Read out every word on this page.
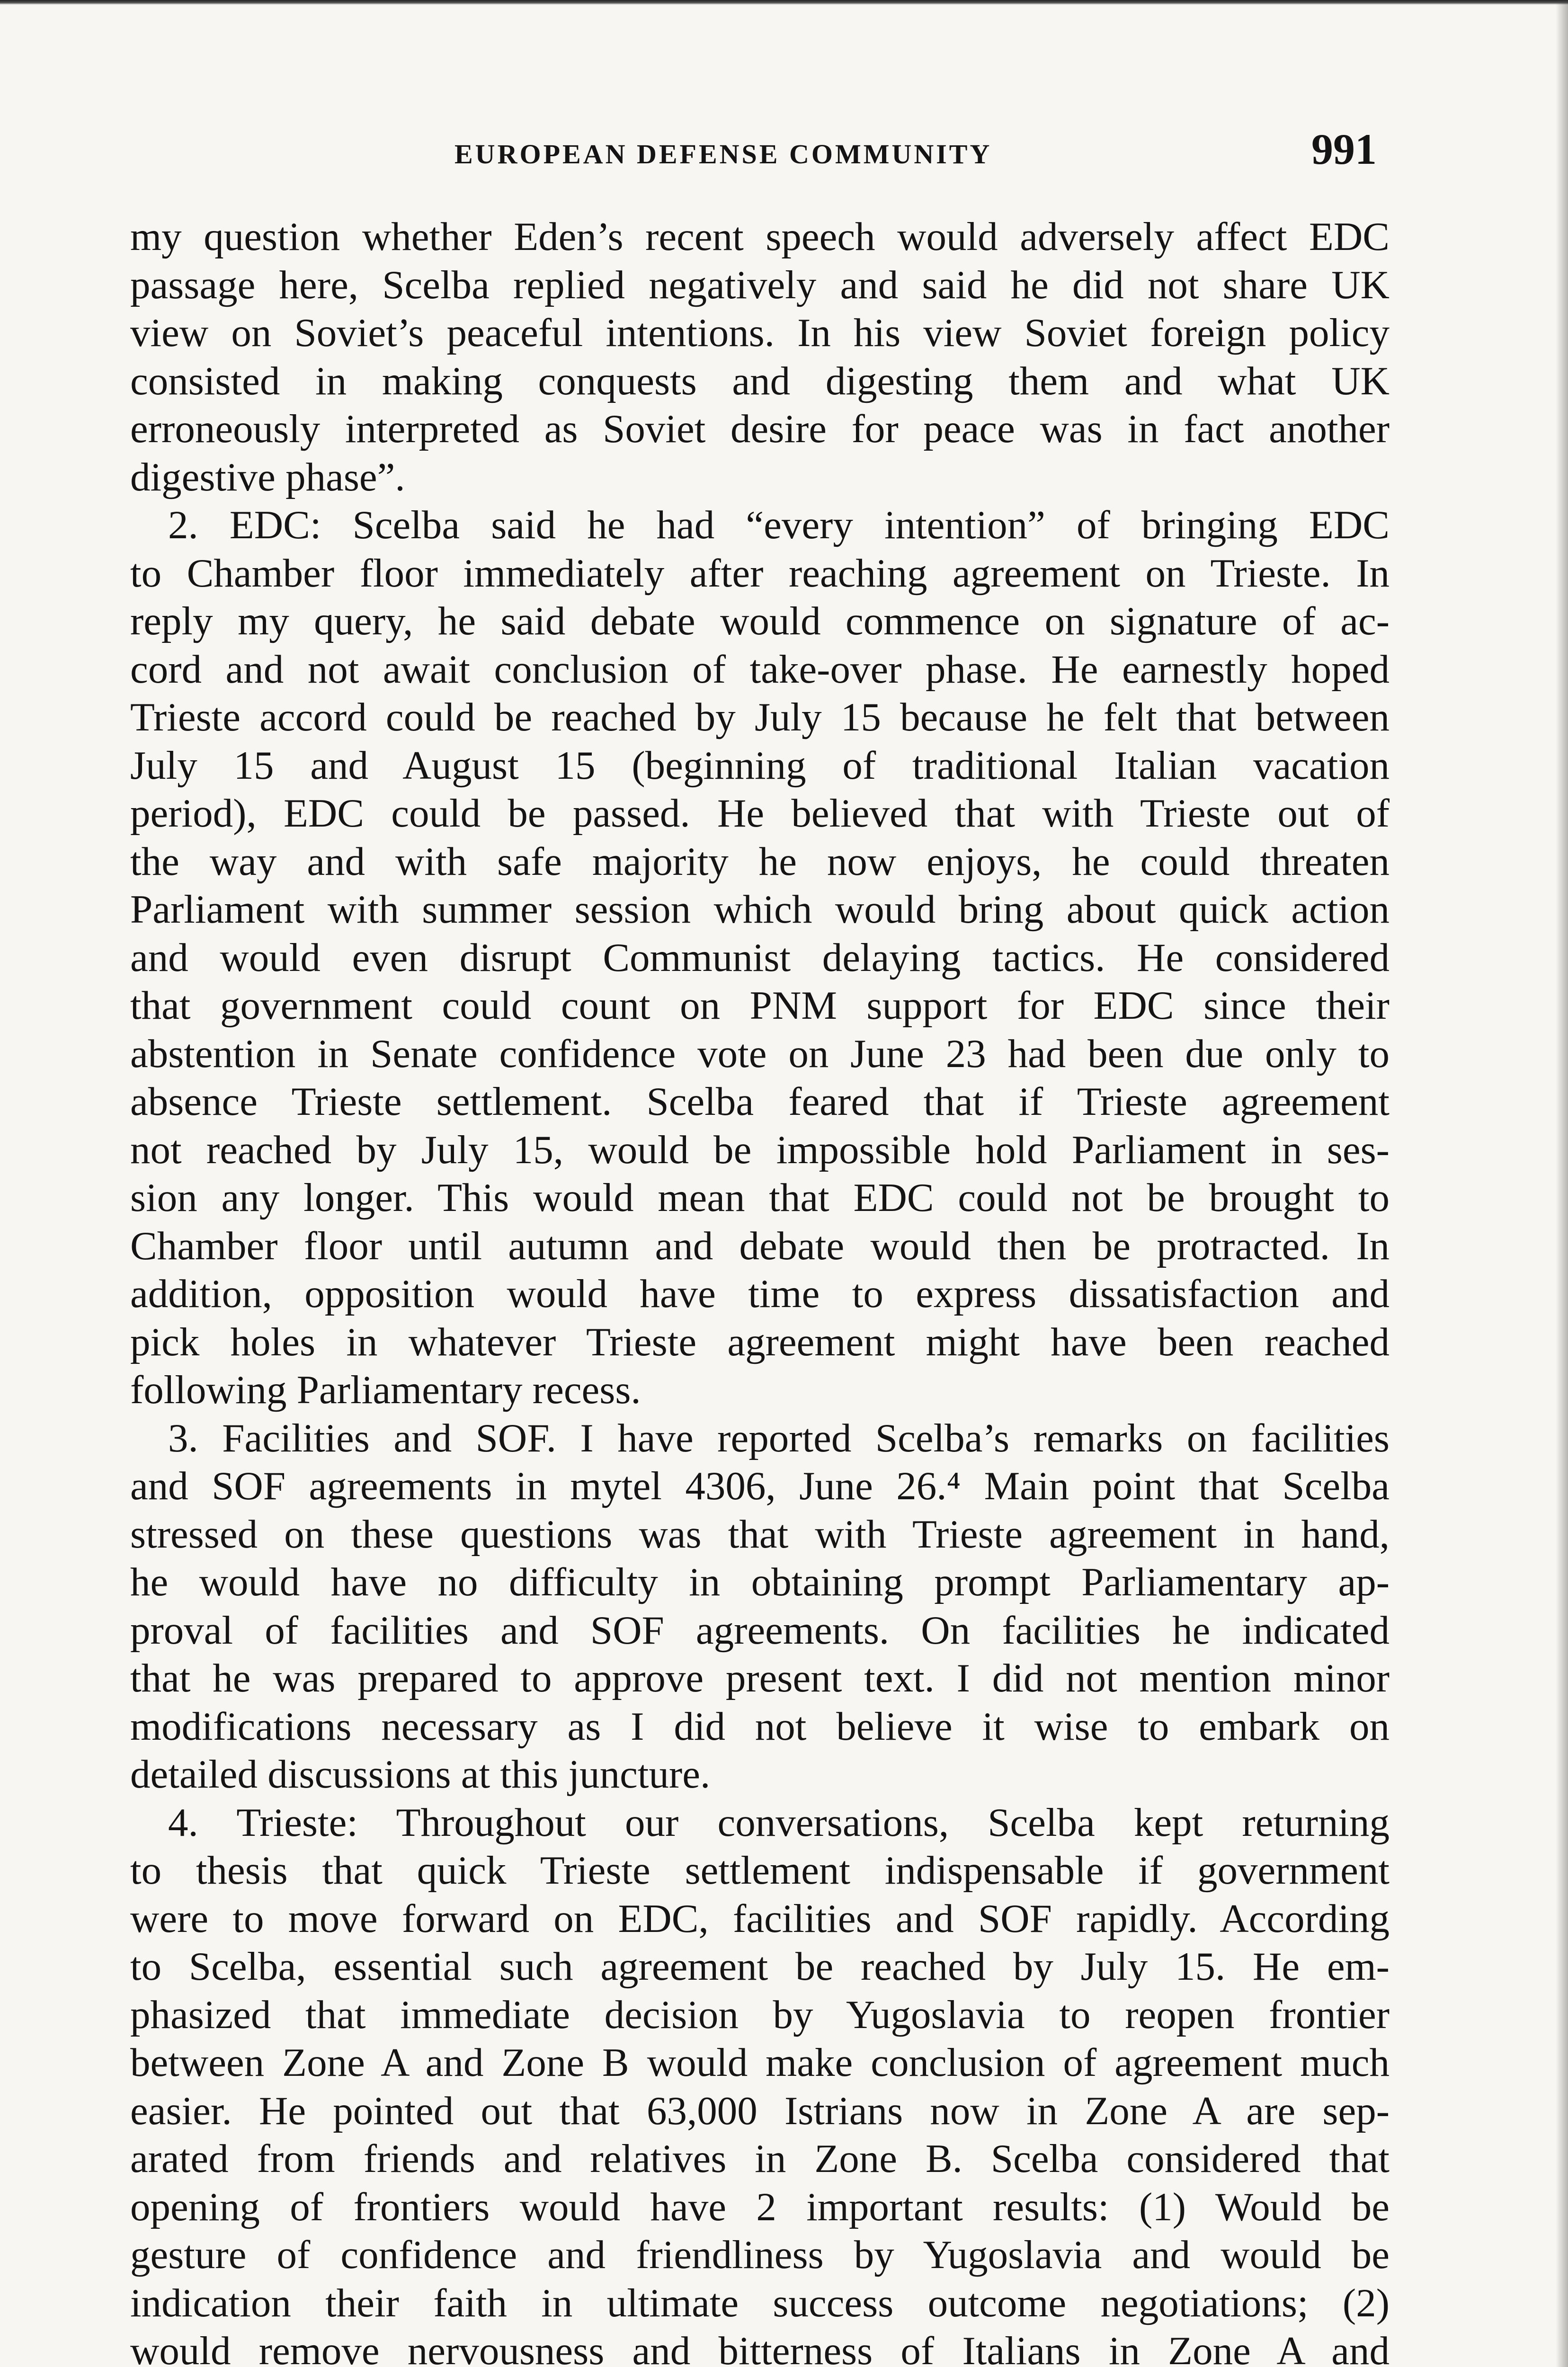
EUROPEAN DEFENSE COMMUNITY	991
my question whether Eden’s recent speech would adversely affect EDC
passage here, Scelba replied negatively and said he did not share UK
view on Soviet’s peaceful intentions. In his view Soviet foreign policy
consisted in making conquests and digesting them and what UK
erroneously interpreted as Soviet desire for peace was in fact another
digestive phase”.
2. EDC: Scelba said he had “every intention” of bringing EDC
to Chamber floor immediately after reaching agreement on Trieste. In
reply my query, he said debate would commence on signature of ac-
cord and not await conclusion of take-over phase. He earnestly hoped
Trieste accord could be reached by July 15 because he felt that between
July 15 and August 15 (beginning of traditional Italian vacation
period), EDC could be passed. He believed that with Trieste out of
the way and with safe majority he now enjoys, he could threaten
Parliament with summer session which would bring about quick action
and would even disrupt Communist delaying tactics. He considered
that government could count on PNM support for EDC since their
abstention in Senate confidence vote on June 23 had been due only to
absence Trieste settlement. Scelba feared that if Trieste agreement
not reached by July 15, would be impossible hold Parliament in ses-
sion any longer. This would mean that EDC could not be brought to
Chamber floor until autumn and debate would then be protracted. In
addition, opposition would have time to express dissatisfaction and
pick holes in whatever Trieste agreement might have been reached
following Parliamentary recess.
3. Facilities and SOF. I have reported Scelba’s remarks on facilities
and SOF agreements in mytel 4306, June 26.⁴ Main point that Scelba
stressed on these questions was that with Trieste agreement in hand,
he would have no difficulty in obtaining prompt Parliamentary ap-
proval of facilities and SOF agreements. On facilities he indicated
that he was prepared to approve present text. I did not mention minor
modifications necessary as I did not believe it wise to embark on
detailed discussions at this juncture.
4. Trieste: Throughout our conversations, Scelba kept returning
to thesis that quick Trieste settlement indispensable if government
were to move forward on EDC, facilities and SOF rapidly. According
to Scelba, essential such agreement be reached by July 15. He em-
phasized that immediate decision by Yugoslavia to reopen frontier
between Zone A and Zone B would make conclusion of agreement much
easier. He pointed out that 63,000 Istrians now in Zone A are sep-
arated from friends and relatives in Zone B. Scelba considered that
opening of frontiers would have 2 important results: (1) Would be
gesture of confidence and friendliness by Yugoslavia and would be
indication their faith in ultimate success outcome negotiations; (2)
would remove nervousness and bitterness of Italians in Zone A and
